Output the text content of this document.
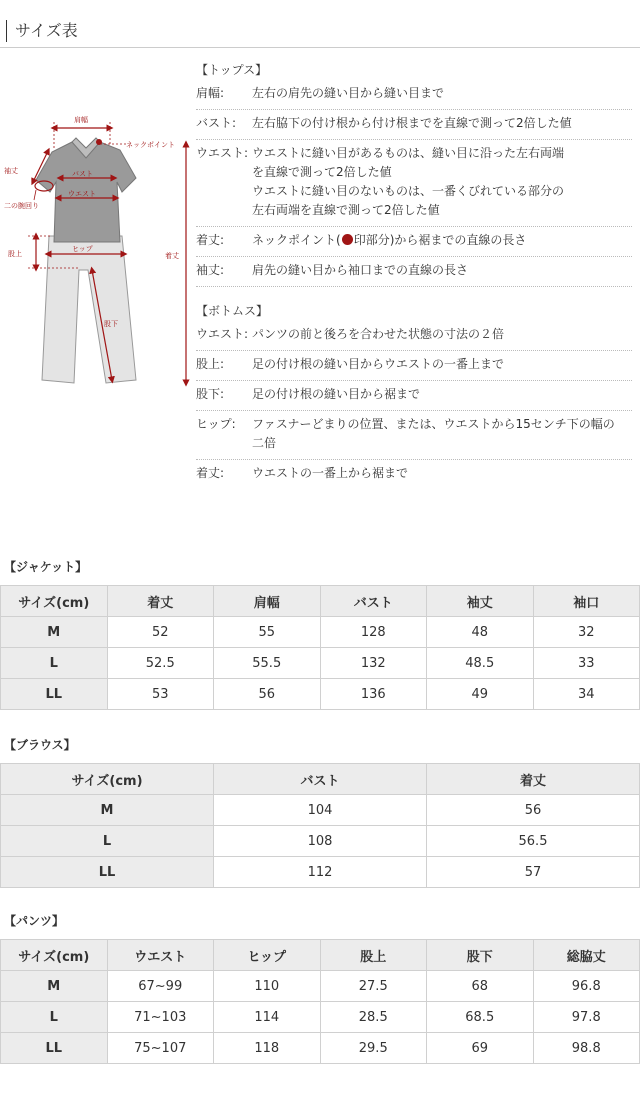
サイズ表
肩幅
ネックポイント
着丈
袖丈	バスト
ウエスト
二の腕回り
股上
ヒップ
股下
【トップス】
肩幅:	左右の肩先の縫い目から縫い目まで
バスト:	左右脇下の付け根から付け根までを直線で測って2倍した値
ウエスト: ウエストに縫い目があるものは、縫い目に沿った左右両端
を直線で測って2倍した値
ウエストに縫い目のないものは、一番くびれている部分の
左右両端を直線で測って2倍した値
着丈:	ネックポイント( 印部分)から裾までの直線の長さ
袖丈:	肩先の縫い目から袖口までの直線の長さ
【ボトムス】
ウエスト: パンツの前と後ろを合わせた状態の寸法の２倍
股上:	足の付け根の縫い目からウエストの一番上まで
股下:	足の付け根の縫い目から裾まで
ヒップ:	ファスナーどまりの位置、または、ウエストから15センチ下の幅の
二倍
着丈:	ウエストの一番上から裾まで
【ジャケット】
サイズ(cm)	着丈	肩幅	バスト	袖丈	袖口
M	52	55	128	48	32
L	52.5	55.5	132	48.5	33
LL	53	56	136	49	34
【ブラウス】
サイズ(cm)	バスト	着丈
M	104	56
L	108	56.5
LL	112	57
【パンツ】
サイズ(cm)	ウエスト	ヒップ	股上	股下	総脇丈
M	67~99	110	27.5	68	96.8
L	71~103	114	28.5	68.5	97.8
LL	75~107	118	29.5	69	98.8
